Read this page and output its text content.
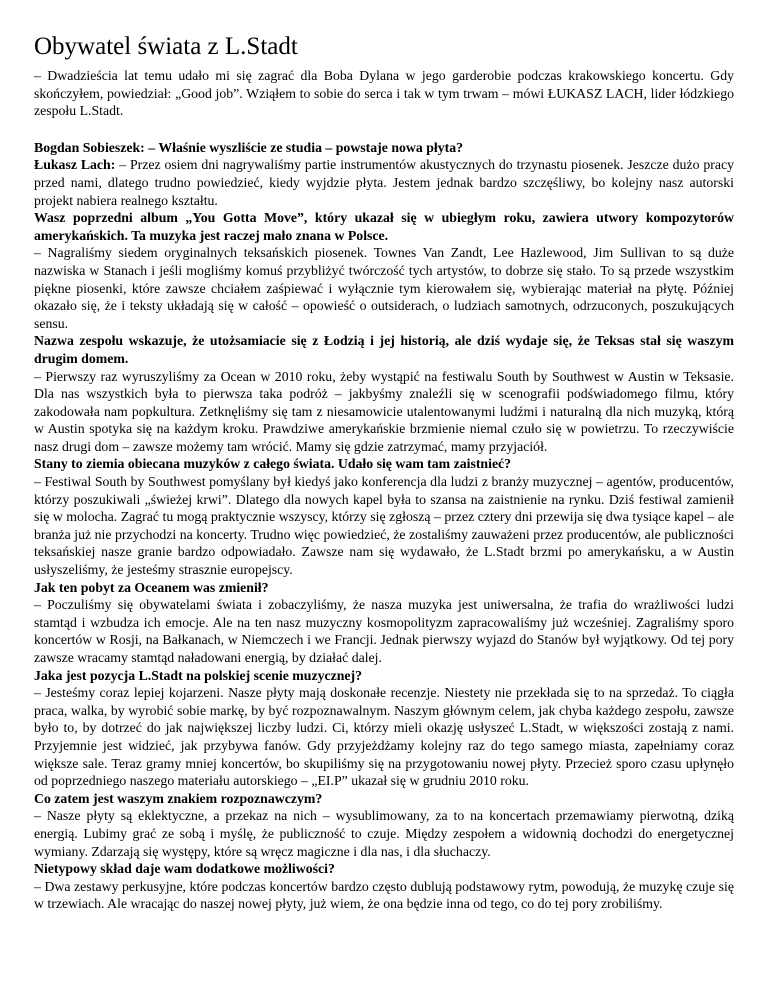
Obywatel świata z L.Stadt

– Dwadzieścia lat temu udało mi się zagrać dla Boba Dylana w jego garderobie podczas krakowskiego koncertu. Gdy skończyłem, powiedział: „Good job”. Wziąłem to sobie do serca i tak w tym trwam – mówi ŁUKASZ LACH, lider łódzkiego zespołu L.Stadt.

Bogdan Sobieszek: – Właśnie wyszliście ze studia – powstaje nowa płyta?

Łukasz Lach: – Przez osiem dni nagrywaliśmy partie instrumentów akustycznych do trzynastu piosenek. Jeszcze dużo pracy przed nami, dlatego trudno powiedzieć, kiedy wyjdzie płyta. Jestem jednak bardzo szczęśliwy, bo kolejny nasz autorski projekt nabiera realnego kształtu.

Wasz poprzedni album „You Gotta Move”, który ukazał się w ubiegłym roku, zawiera utwory kompozytorów amerykańskich. Ta muzyka jest raczej mało znana w Polsce.

– Nagraliśmy siedem oryginalnych teksańskich piosenek. Townes Van Zandt, Lee Hazlewood, Jim Sullivan to są duże nazwiska w Stanach i jeśli mogliśmy komuś przybliżyć twórczość tych artystów, to dobrze się stało. To są przede wszystkim piękne piosenki, które zawsze chciałem zaśpiewać i wyłącznie tym kierowałem się, wybierając materiał na płytę. Później okazało się, że i teksty układają się w całość – opowieść o outsiderach, o ludziach samotnych, odrzuconych, poszukujących sensu.

Nazwa zespołu wskazuje, że utożsamiacie się z Łodzią i jej historią, ale dziś wydaje się, że Teksas stał się waszym drugim domem.

– Pierwszy raz wyruszyliśmy za Ocean w 2010 roku, żeby wystąpić na festiwalu South by Southwest w Austin w Teksasie. Dla nas wszystkich była to pierwsza taka podróż – jakbyśmy znaleźli się w scenografii podświadomego filmu, który zakodowała nam popkultura. Zetknęliśmy się tam z niesamowicie utalentowanymi ludźmi i naturalną dla nich muzyką, którą w Austin spotyka się na każdym kroku. Prawdziwe amerykańskie brzmienie niemal czuło się w powietrzu. To rzeczywiście nasz drugi dom – zawsze możemy tam wrócić. Mamy się gdzie zatrzymać, mamy przyjaciół.

Stany to ziemia obiecana muzyków z całego świata. Udało się wam tam zaistnieć?

– Festiwal South by Southwest pomyślany był kiedyś jako konferencja dla ludzi z branży muzycznej – agentów, producentów, którzy poszukiwali „świeżej krwi”. Dlatego dla nowych kapel była to szansa na zaistnienie na rynku. Dziś festiwal zamienił się w molocha. Zagrać tu mogą praktycznie wszyscy, którzy się zgłoszą – przez cztery dni przewija się dwa tysiące kapel – ale branża już nie przychodzi na koncerty. Trudno więc powiedzieć, że zostaliśmy zauważeni przez producentów, ale publiczności teksańskiej nasze granie bardzo odpowiadało. Zawsze nam się wydawało, że L.Stadt brzmi po amerykańsku, a w Austin usłyszeliśmy, że jesteśmy strasznie europejscy.

Jak ten pobyt za Oceanem was zmienił?

– Poczuliśmy się obywatelami świata i zobaczyliśmy, że nasza muzyka jest uniwersalna, że trafia do wrażliwości ludzi stamtąd i wzbudza ich emocje. Ale na ten nasz muzyczny kosmopolityzm zapracowaliśmy już wcześniej. Zagraliśmy sporo koncertów w Rosji, na Bałkanach, w Niemczech i we Francji. Jednak pierwszy wyjazd do Stanów był wyjątkowy. Od tej pory zawsze wracamy stamtąd naładowani energią, by działać dalej.

Jaka jest pozycja L.Stadt na polskiej scenie muzycznej?

– Jesteśmy coraz lepiej kojarzeni. Nasze płyty mają doskonałe recenzje. Niestety nie przekłada się to na sprzedaż. To ciągła praca, walka, by wyrobić sobie markę, by być rozpoznawalnym. Naszym głównym celem, jak chyba każdego zespołu, zawsze było to, by dotrzeć do jak największej liczby ludzi. Ci, którzy mieli okazję usłyszeć L.Stadt, w większości zostają z nami. Przyjemnie jest widzieć, jak przybywa fanów. Gdy przyjeżdżamy kolejny raz do tego samego miasta, zapełniamy coraz większe sale. Teraz gramy mniej koncertów, bo skupiliśmy się na przygotowaniu nowej płyty. Przecież sporo czasu upłynęło od poprzedniego naszego materiału autorskiego – „EI.P” ukazał się w grudniu 2010 roku.

Co zatem jest waszym znakiem rozpoznawczym?

– Nasze płyty są eklektyczne, a przekaz na nich – wysublimowany, za to na koncertach przemawiamy pierwotną, dziką energią. Lubimy grać ze sobą i myślę, że publiczność to czuje. Między zespołem a widownią dochodzi do energetycznej wymiany. Zdarzają się występy, które są wręcz magiczne i dla nas, i dla słuchaczy.

Nietypowy skład daje wam dodatkowe możliwości?

– Dwa zestawy perkusyjne, które podczas koncertów bardzo często dublują podstawowy rytm, powodują, że muzykę czuje się w trzewiach. Ale wracając do naszej nowej płyty, już wiem, że ona będzie inna od tego, co do tej pory zrobiliśmy.
